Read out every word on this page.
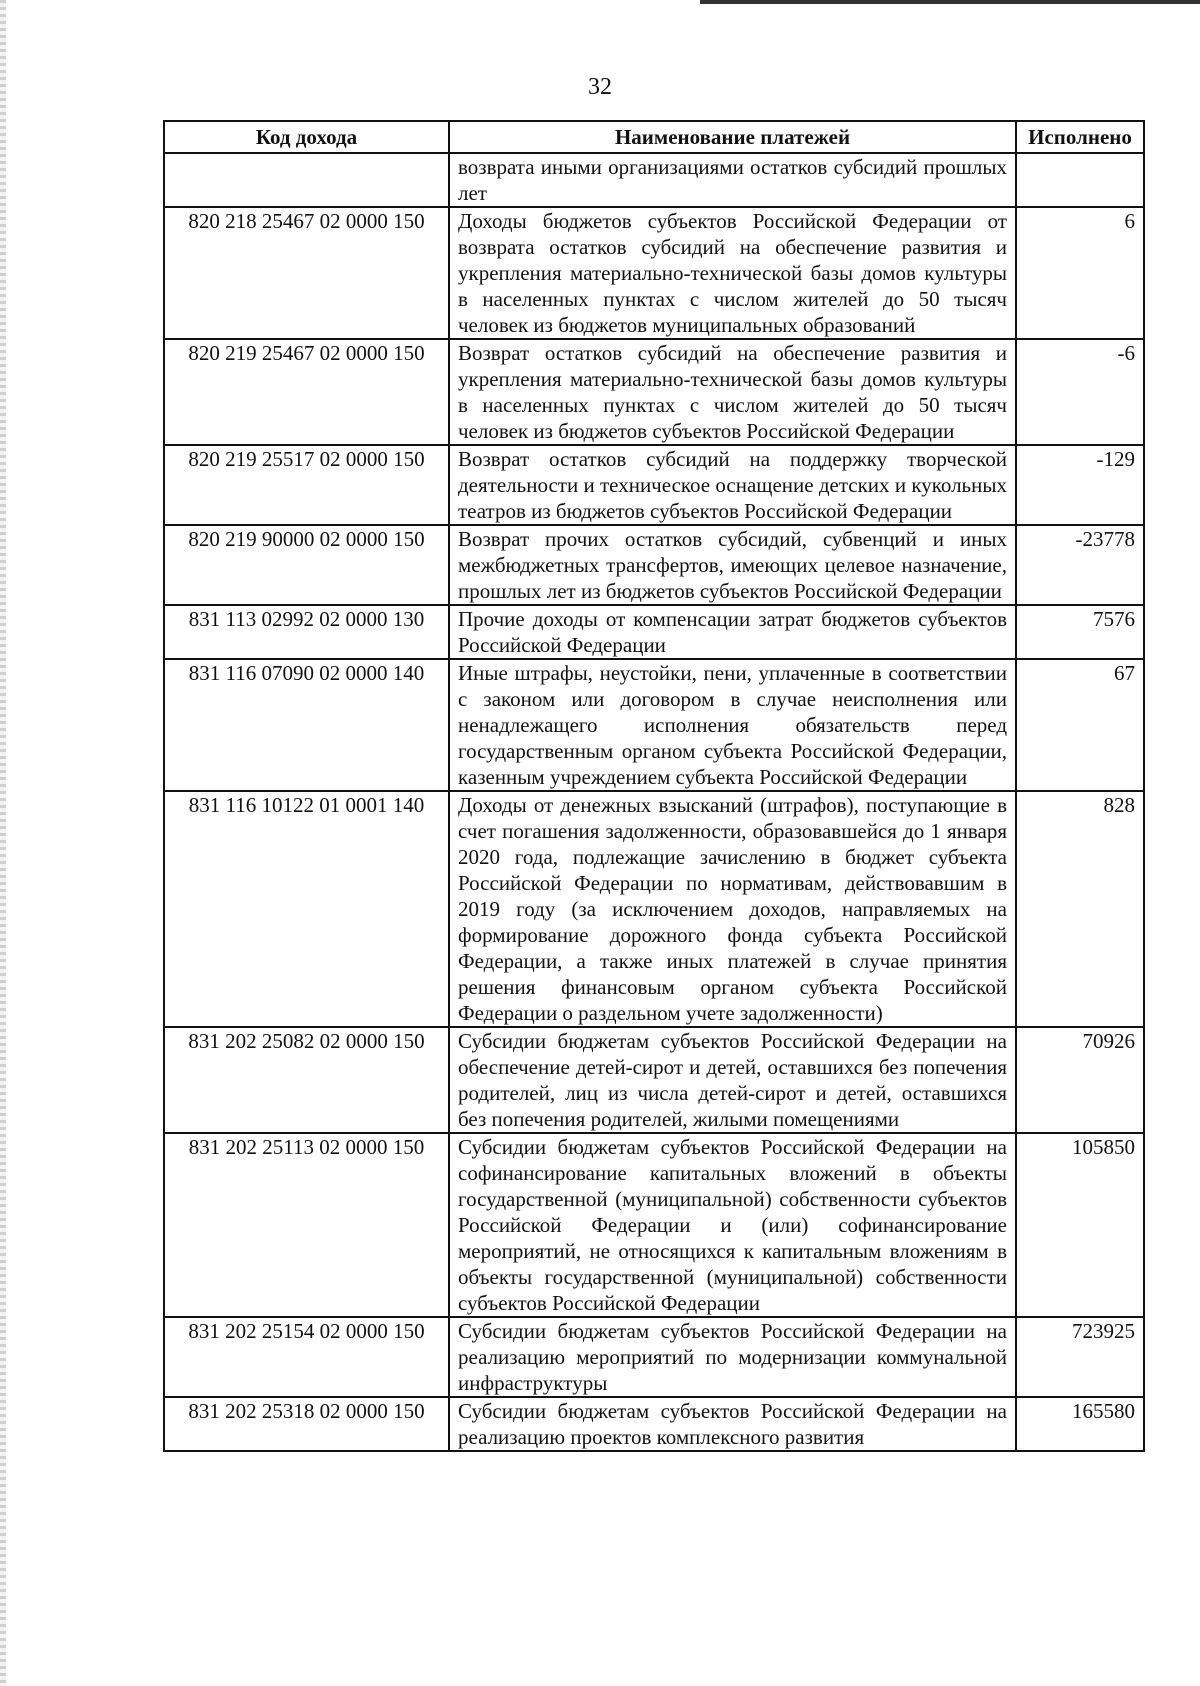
32
Код дохода	Наименование платежей	Исполнено
	возврата иными организациями остатков субсидий прошлых лет	
820 218 25467 02 0000 150	Доходы бюджетов субъектов Российской Федерации от возврата остатков субсидий на обеспечение развития и укрепления материально-технической базы домов культуры в населенных пунктах с числом жителей до 50 тысяч человек из бюджетов муниципальных образований	6
820 219 25467 02 0000 150	Возврат остатков субсидий на обеспечение развития и укрепления материально-технической базы домов культуры в населенных пунктах с числом жителей до 50 тысяч человек из бюджетов субъектов Российской Федерации	-6
820 219 25517 02 0000 150	Возврат остатков субсидий на поддержку творческой деятельности и техническое оснащение детских и кукольных театров из бюджетов субъектов Российской Федерации	-129
820 219 90000 02 0000 150	Возврат прочих остатков субсидий, субвенций и иных межбюджетных трансфертов, имеющих целевое назначение, прошлых лет из бюджетов субъектов Российской Федерации	-23778
831 113 02992 02 0000 130	Прочие доходы от компенсации затрат бюджетов субъектов Российской Федерации	7576
831 116 07090 02 0000 140	Иные штрафы, неустойки, пени, уплаченные в соответствии с законом или договором в случае неисполнения или ненадлежащего исполнения обязательств перед государственным органом субъекта Российской Федерации, казенным учреждением субъекта Российской Федерации	67
831 116 10122 01 0001 140	Доходы от денежных взысканий (штрафов), поступающие в счет погашения задолженности, образовавшейся до 1 января 2020 года, подлежащие зачислению в бюджет субъекта Российской Федерации по нормативам, действовавшим в 2019 году (за исключением доходов, направляемых на формирование дорожного фонда субъекта Российской Федерации, а также иных платежей в случае принятия решения финансовым органом субъекта Российской Федерации о раздельном учете задолженности)	828
831 202 25082 02 0000 150	Субсидии бюджетам субъектов Российской Федерации на обеспечение детей-сирот и детей, оставшихся без попечения родителей, лиц из числа детей-сирот и детей, оставшихся без попечения родителей, жилыми помещениями	70926
831 202 25113 02 0000 150	Субсидии бюджетам субъектов Российской Федерации на софинансирование капитальных вложений в объекты государственной (муниципальной) собственности субъектов Российской Федерации и (или) софинансирование мероприятий, не относящихся к капитальным вложениям в объекты государственной (муниципальной) собственности субъектов Российской Федерации	105850
831 202 25154 02 0000 150	Субсидии бюджетам субъектов Российской Федерации на реализацию мероприятий по модернизации коммунальной инфраструктуры	723925
831 202 25318 02 0000 150	Субсидии бюджетам субъектов Российской Федерации на реализацию проектов комплексного развития	165580
